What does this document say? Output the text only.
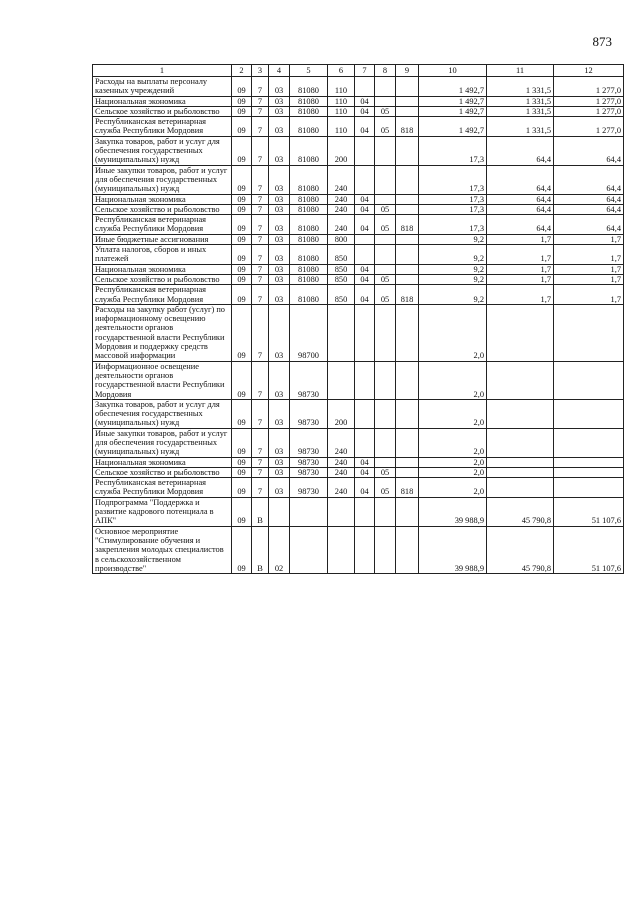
873
1	2	3	4	5	6	7	8	9	10	11	12
Расходы на выплаты персоналу казенных учреждений	09	7	03	81080	110				1 492,7	1 331,5	1 277,0
Национальная экономика	09	7	03	81080	110	04			1 492,7	1 331,5	1 277,0
Сельское хозяйство и рыболовство	09	7	03	81080	110	04	05		1 492,7	1 331,5	1 277,0
Республиканская ветеринарная служба Республики Мордовия	09	7	03	81080	110	04	05	818	1 492,7	1 331,5	1 277,0
Закупка товаров, работ и услуг для обеспечения государственных (муниципальных) нужд	09	7	03	81080	200				17,3	64,4	64,4
Иные закупки товаров, работ и услуг для обеспечения государственных (муниципальных) нужд	09	7	03	81080	240				17,3	64,4	64,4
Национальная экономика	09	7	03	81080	240	04			17,3	64,4	64,4
Сельское хозяйство и рыболовство	09	7	03	81080	240	04	05		17,3	64,4	64,4
Республиканская ветеринарная служба Республики Мордовия	09	7	03	81080	240	04	05	818	17,3	64,4	64,4
Иные бюджетные ассигнования	09	7	03	81080	800				9,2	1,7	1,7
Уплата налогов, сборов и иных платежей	09	7	03	81080	850				9,2	1,7	1,7
Национальная экономика	09	7	03	81080	850	04			9,2	1,7	1,7
Сельское хозяйство и рыболовство	09	7	03	81080	850	04	05		9,2	1,7	1,7
Республиканская ветеринарная служба Республики Мордовия	09	7	03	81080	850	04	05	818	9,2	1,7	1,7
Расходы на закупку работ (услуг) по информационному освещению деятельности органов государственной власти Республики Мордовия и поддержку средств массовой информации	09	7	03	98700					2,0		
Информационное освещение деятельности органов государственной власти Республики Мордовия	09	7	03	98730					2,0		
Закупка товаров, работ и услуг для обеспечения государственных (муниципальных) нужд	09	7	03	98730	200				2,0		
Иные закупки товаров, работ и услуг для обеспечения государственных (муниципальных) нужд	09	7	03	98730	240				2,0		
Национальная экономика	09	7	03	98730	240	04			2,0		
Сельское хозяйство и рыболовство	09	7	03	98730	240	04	05		2,0		
Республиканская ветеринарная служба Республики Мордовия	09	7	03	98730	240	04	05	818	2,0		
Подпрограмма "Поддержка и развитие кадрового потенциала в АПК"	09	В							39 988,9	45 790,8	51 107,6
Основное мероприятие "Стимулирование обучения и закрепления молодых специалистов в сельскохозяйственном производстве"	09	В	02						39 988,9	45 790,8	51 107,6
